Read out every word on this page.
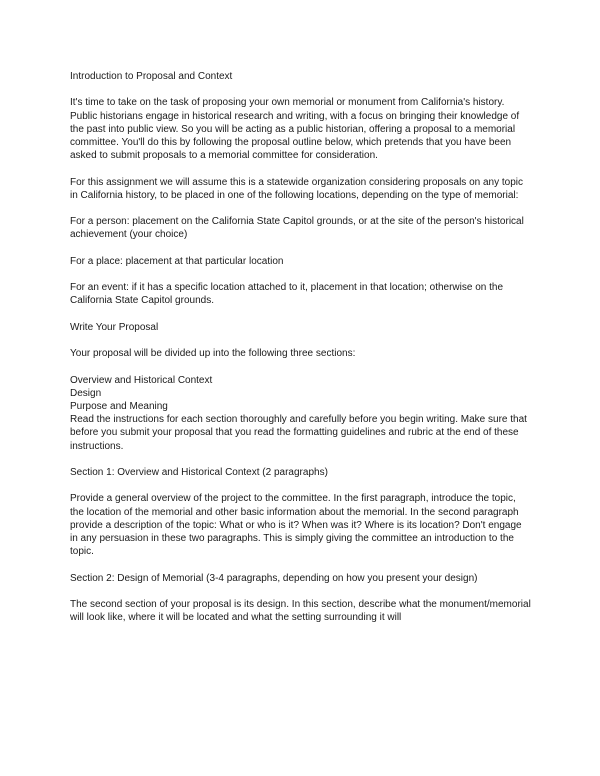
Introduction to Proposal and Context

It's time to take on the task of proposing your own memorial or monument from California's history. Public historians engage in historical research and writing, with a focus on bringing their knowledge of the past into public view. So you will be acting as a public historian, offering a proposal to a memorial committee. You'll do this by following the proposal outline below, which pretends that you have been asked to submit proposals to a memorial committee for consideration.

For this assignment we will assume this is a statewide organization considering proposals on any topic in California history, to be placed in one of the following locations, depending on the type of memorial:

For a person: placement on the California State Capitol grounds, or at the site of the person's historical achievement (your choice)

For a place: placement at that particular location

For an event: if it has a specific location attached to it, placement in that location; otherwise on the California State Capitol grounds.

Write Your Proposal

Your proposal will be divided up into the following three sections:

Overview and Historical Context

Design

Purpose and Meaning

Read the instructions for each section thoroughly and carefully before you begin writing. Make sure that before you submit your proposal that you read the formatting guidelines and rubric at the end of these instructions.

Section 1: Overview and Historical Context (2 paragraphs)

Provide a general overview of the project to the committee. In the first paragraph, introduce the topic, the location of the memorial and other basic information about the memorial. In the second paragraph provide a description of the topic: What or who is it? When was it? Where is its location? Don't engage in any persuasion in these two paragraphs. This is simply giving the committee an introduction to the topic.

Section 2: Design of Memorial (3-4 paragraphs, depending on how you present your design)

The second section of your proposal is its design. In this section, describe what the monument/memorial will look like, where it will be located and what the setting surrounding it will
